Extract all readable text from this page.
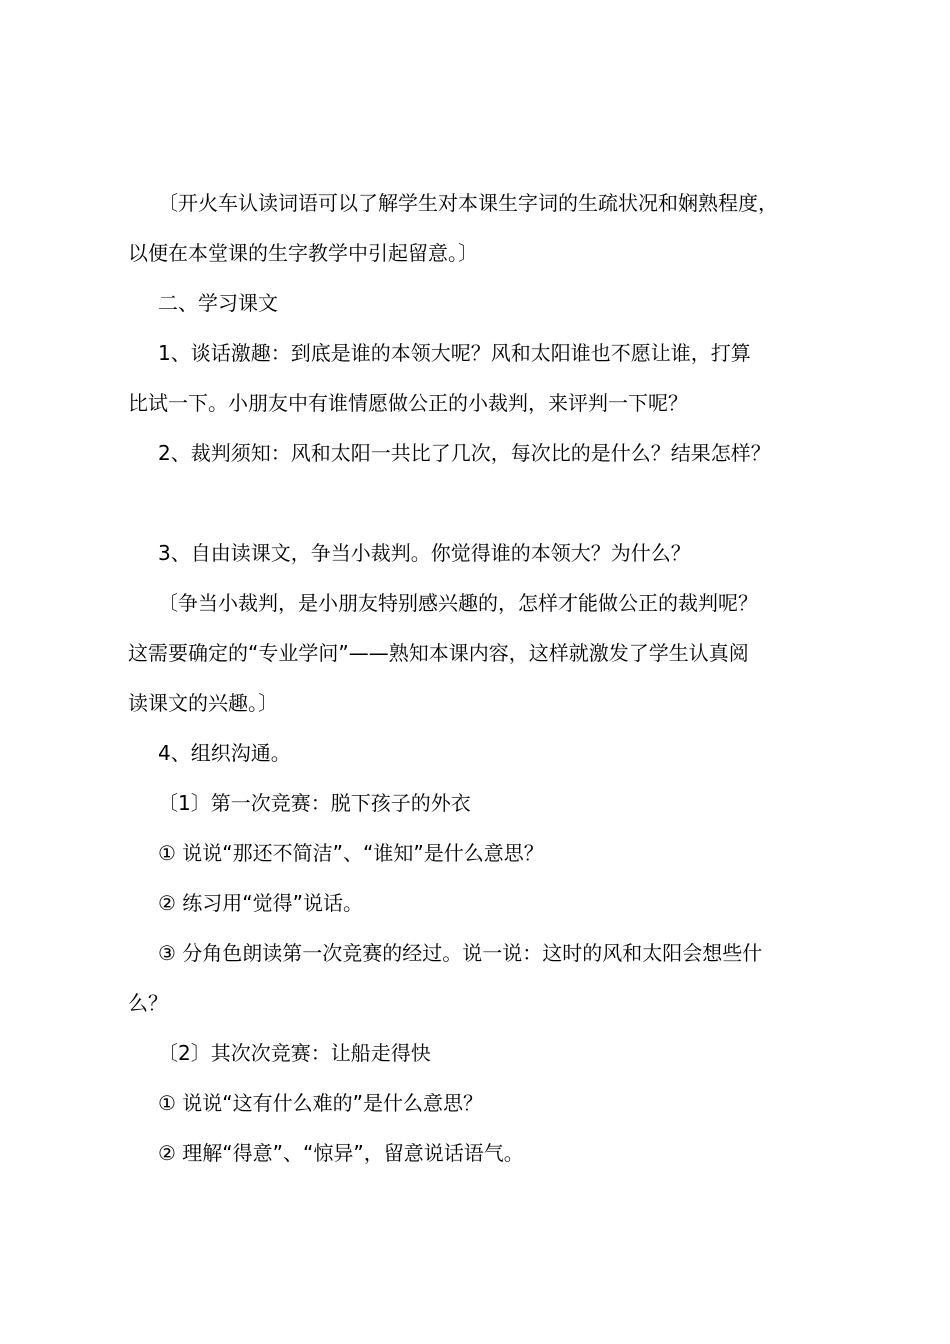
〔开火车认读词语可以了解学生对本课生字词的生疏状况和娴熟程度，
以便在本堂课的生字教学中引起留意。〕
二、学习课文
1、谈话激趣：到底是谁的本领大呢？风和太阳谁也不愿让谁，打算
比试一下。小朋友中有谁情愿做公正的小裁判，来评判一下呢？
2、裁判须知：风和太阳一共比了几次，每次比的是什么？结果怎样？
3、自由读课文，争当小裁判。你觉得谁的本领大？为什么？
〔争当小裁判，是小朋友特别感兴趣的，怎样才能做公正的裁判呢？
这需要确定的“专业学问”——熟知本课内容，这样就激发了学生认真阅
读课文的兴趣。〕
4、组织沟通。
〔1〕第一次竞赛：脱下孩子的外衣
① 说说“那还不简洁”、“谁知”是什么意思？
② 练习用“觉得”说话。
③ 分角色朗读第一次竞赛的经过。说一说：这时的风和太阳会想些什
么？
〔2〕其次次竞赛：让船走得快
① 说说“这有什么难的”是什么意思？
② 理解“得意”、“惊异”，留意说话语气。
